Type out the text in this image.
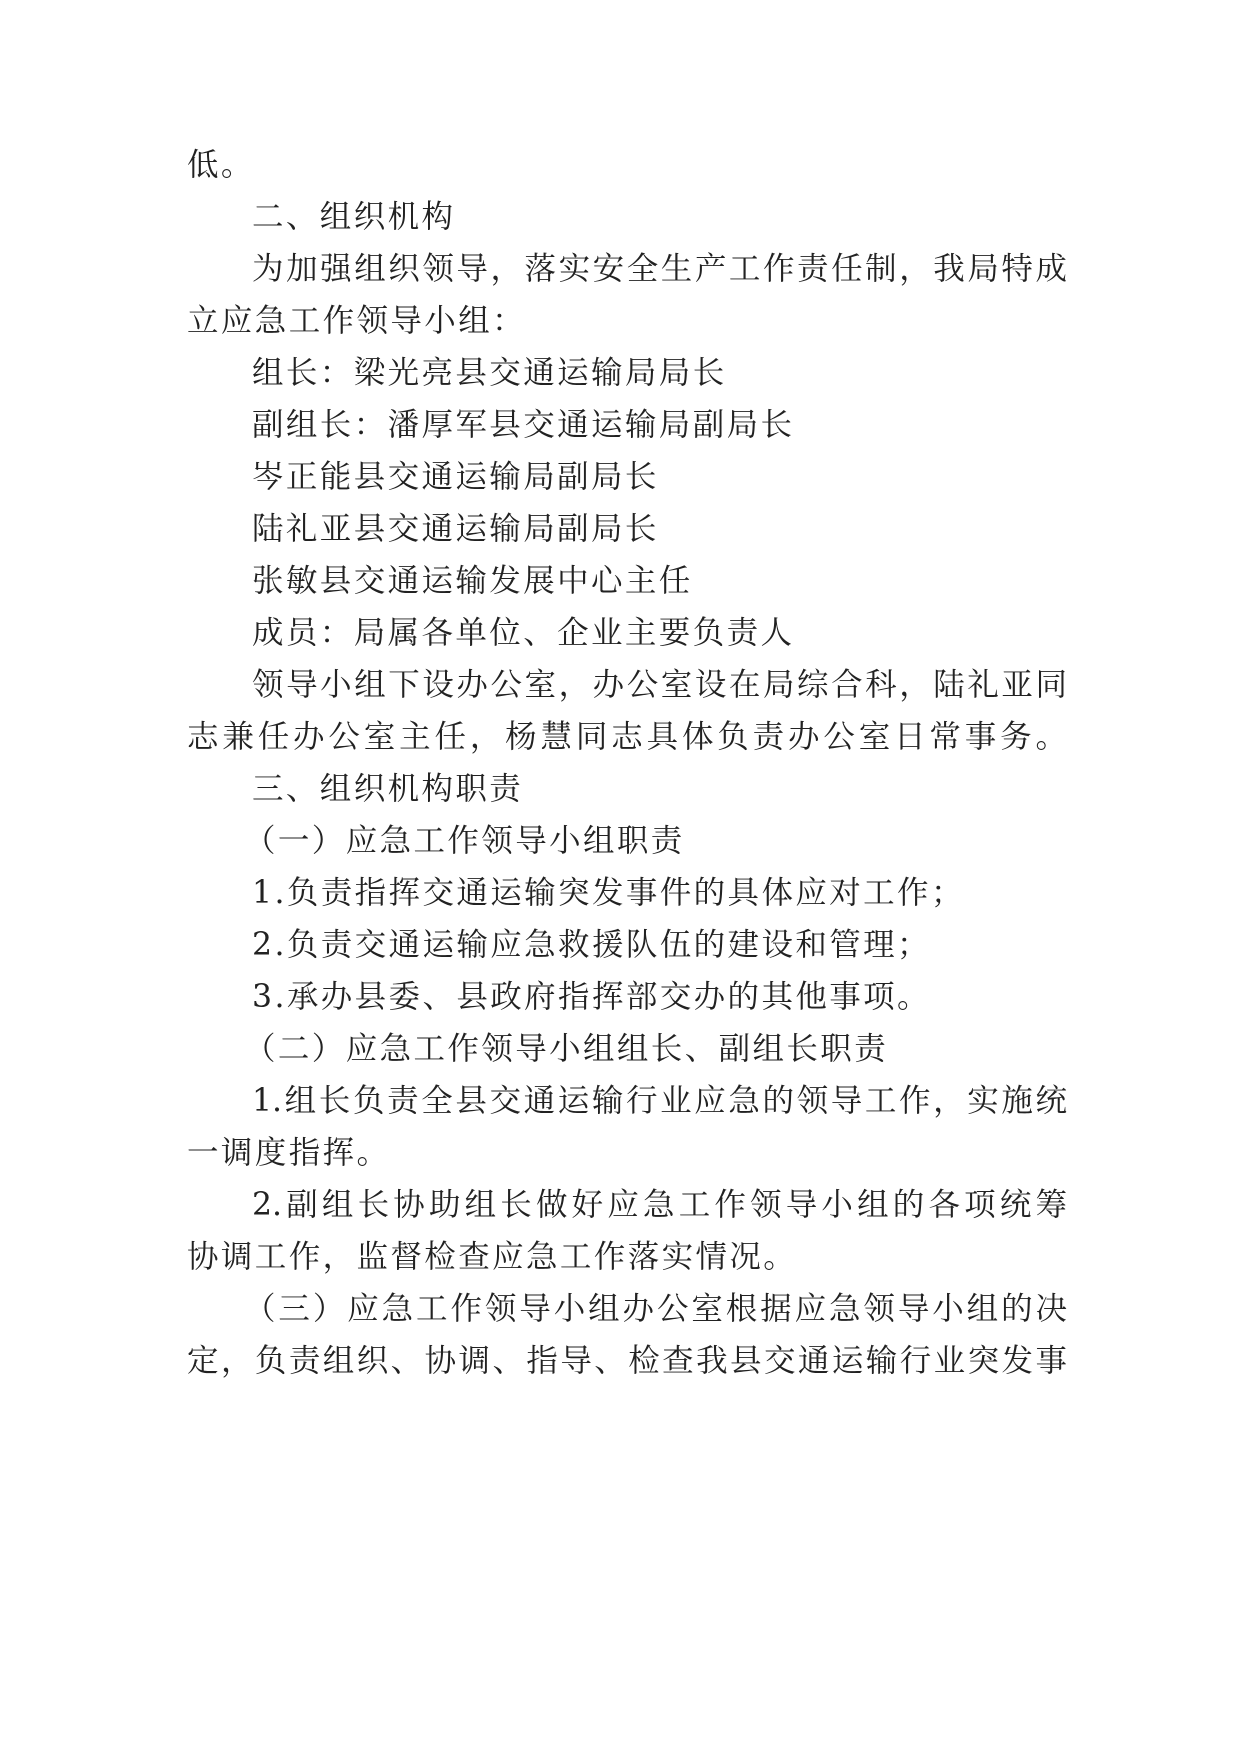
低。
二、组织机构
为加强组织领导，落实安全生产工作责任制，我局特成
立应急工作领导小组：
组长：梁光亮县交通运输局局长
副组长：潘厚军县交通运输局副局长
岑正能县交通运输局副局长
陆礼亚县交通运输局副局长
张敏县交通运输发展中心主任
成员：局属各单位、企业主要负责人
领导小组下设办公室，办公室设在局综合科，陆礼亚同
志兼任办公室主任，杨慧同志具体负责办公室日常事务。
三、组织机构职责
（一）应急工作领导小组职责
1.负责指挥交通运输突发事件的具体应对工作；
2.负责交通运输应急救援队伍的建设和管理；
3.承办县委、县政府指挥部交办的其他事项。
（二）应急工作领导小组组长、副组长职责
1.组长负责全县交通运输行业应急的领导工作，实施统
一调度指挥。
2.副组长协助组长做好应急工作领导小组的各项统筹
协调工作，监督检查应急工作落实情况。
（三）应急工作领导小组办公室根据应急领导小组的决
定，负责组织、协调、指导、检查我县交通运输行业突发事
